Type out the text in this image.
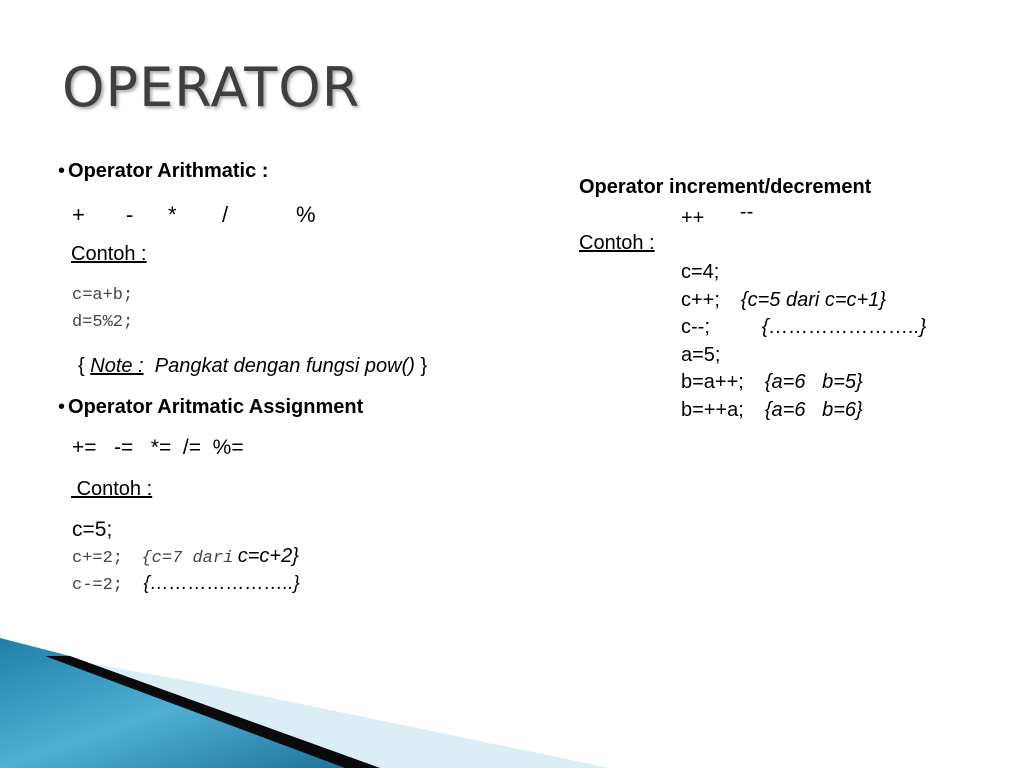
OPERATOR
• Operator Arithmatic :
+ - * /	%
Contoh :
c=a+b;
d=5%2;
{ Note : Pangkat dengan fungsi pow() }
• Operator Aritmatic Assignment
+=   -=   *=  /=  %=
Contoh :
c=5;
c+=2; {c=7 dari c=c+2}
c-=2; {…………………..}
Operator increment/decrement
++ --
Contoh :
c=4;
c++; {c=5 dari c=c+1}
c--;	{…………………..}
a=5;
b=a++; {a=6   b=5}
b=++a; {a=6   b=6}
